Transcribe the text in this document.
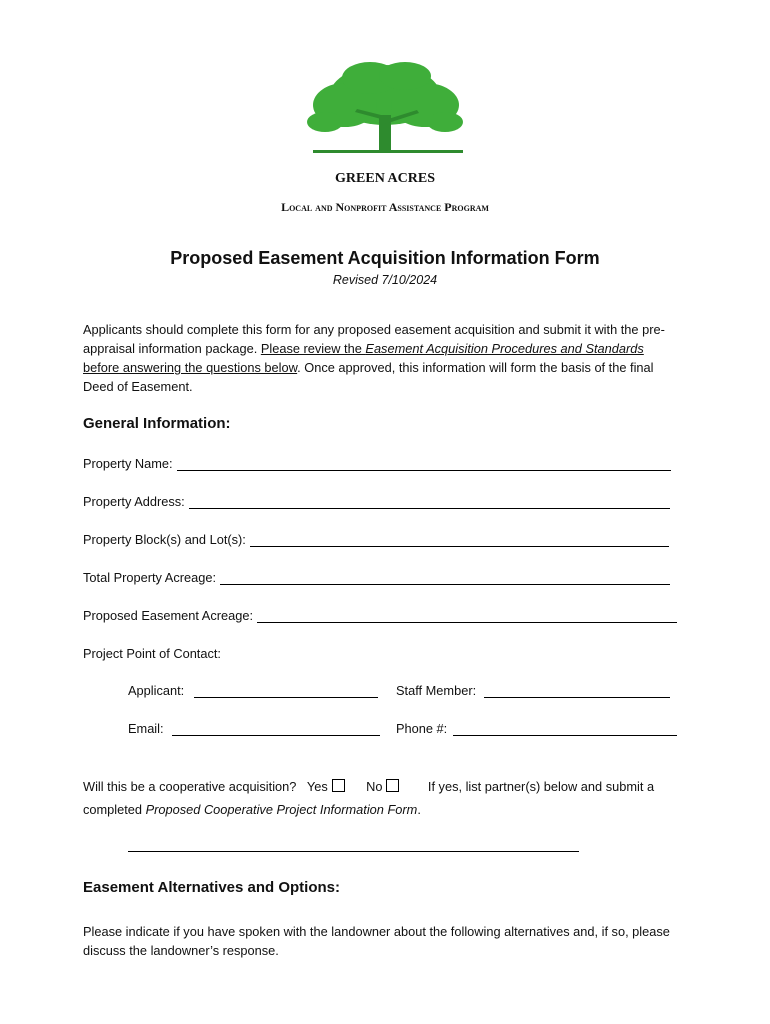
GREEN ACRES
Local and Nonprofit Assistance Program
Proposed Easement Acquisition Information Form
Revised 7/10/2024
Applicants should complete this form for any proposed easement acquisition and submit it with the pre-appraisal information package. Please review the Easement Acquisition Procedures and Standards before answering the questions below. Once approved, this information will form the basis of the final Deed of Easement.
General Information:
Property Name:
Property Address:
Property Block(s) and Lot(s):
Total Property Acreage:
Proposed Easement Acreage:
Project Point of Contact:
Applicant:	Staff Member:
Email:	Phone #:
Will this be a cooperative acquisition? Yes	No	If yes, list partner(s) below and submit a completed Proposed Cooperative Project Information Form.
Easement Alternatives and Options:
Please indicate if you have spoken with the landowner about the following alternatives and, if so, please discuss the landowner’s response.
